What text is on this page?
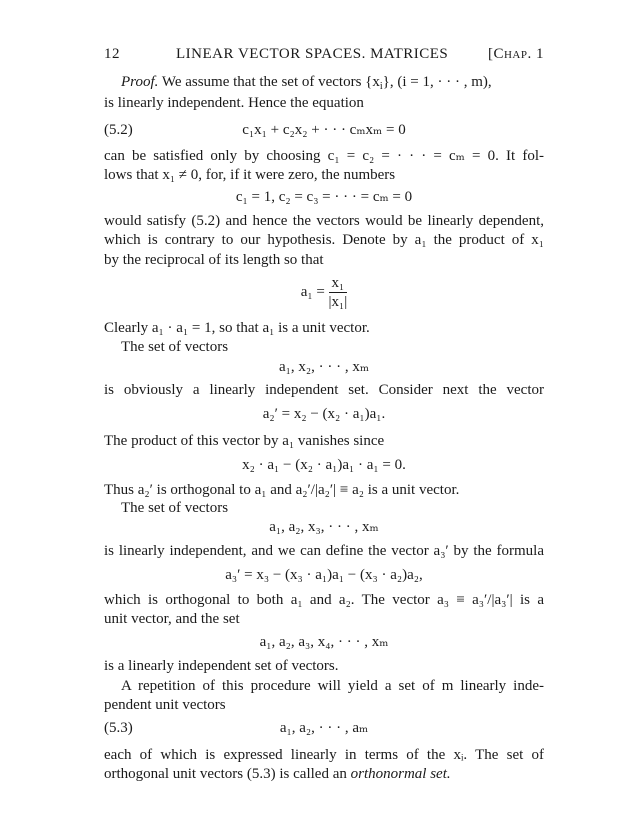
12	LINEAR VECTOR SPACES. MATRICES	[Chap. 1
Proof. We assume that the set of vectors $\{x_i\}$, (i = 1, · · · , m),
is linearly independent. Hence the equation
(5.2)	c₁x₁ + c₂x₂ + · · · cₘxₘ = 0
can be satisfied only by choosing c₁ = c₂ = · · · = cₘ = 0. It fol-
lows that x₁ ≠ 0, for, if it were zero, the numbers
c₁ = 1, c₂ = c₃ = · · · = cₘ = 0
would satisfy (5.2) and hence the vectors would be linearly dependent,
which is contrary to our hypothesis. Denote by a₁ the product of x₁
by the reciprocal of its length so that
$a_1 = \frac{\text{x₁}}{\text{|x₁|}}$
Clearly a₁ · a₁ = 1, so that a₁ is a unit vector.
The set of vectors
a₁, x₂, · · · , xₘ
is obviously a linearly independent set. Consider next the vector
a₂′ = x₂ − (x₂ · a₁)a₁.
The product of this vector by a₁ vanishes since
x₂ · a₁ − (x₂ · a₁)a₁ · a₁ = 0.
Thus a₂′ is orthogonal to a₁ and a₂′/|a₂′| ≡ a₂ is a unit vector.
The set of vectors
a₁, a₂, x₃, · · · , xₘ
is linearly independent, and we can define the vector a₃′ by the formula
a₃′ = x₃ − (x₃ · a₁)a₁ − (x₃ · a₂)a₂,
which is orthogonal to both a₁ and a₂. The vector a₃ ≡ a₃′/|a₃′| is a
unit vector, and the set
a₁, a₂, a₃, x₄, · · · , xₘ
is a linearly independent set of vectors.
A repetition of this procedure will yield a set of m linearly inde-
pendent unit vectors
(5.3)	a₁, a₂, · · · , aₘ
each of which is expressed linearly in terms of the xᵢ. The set of
orthogonal unit vectors (5.3) is called an orthonormal set.
